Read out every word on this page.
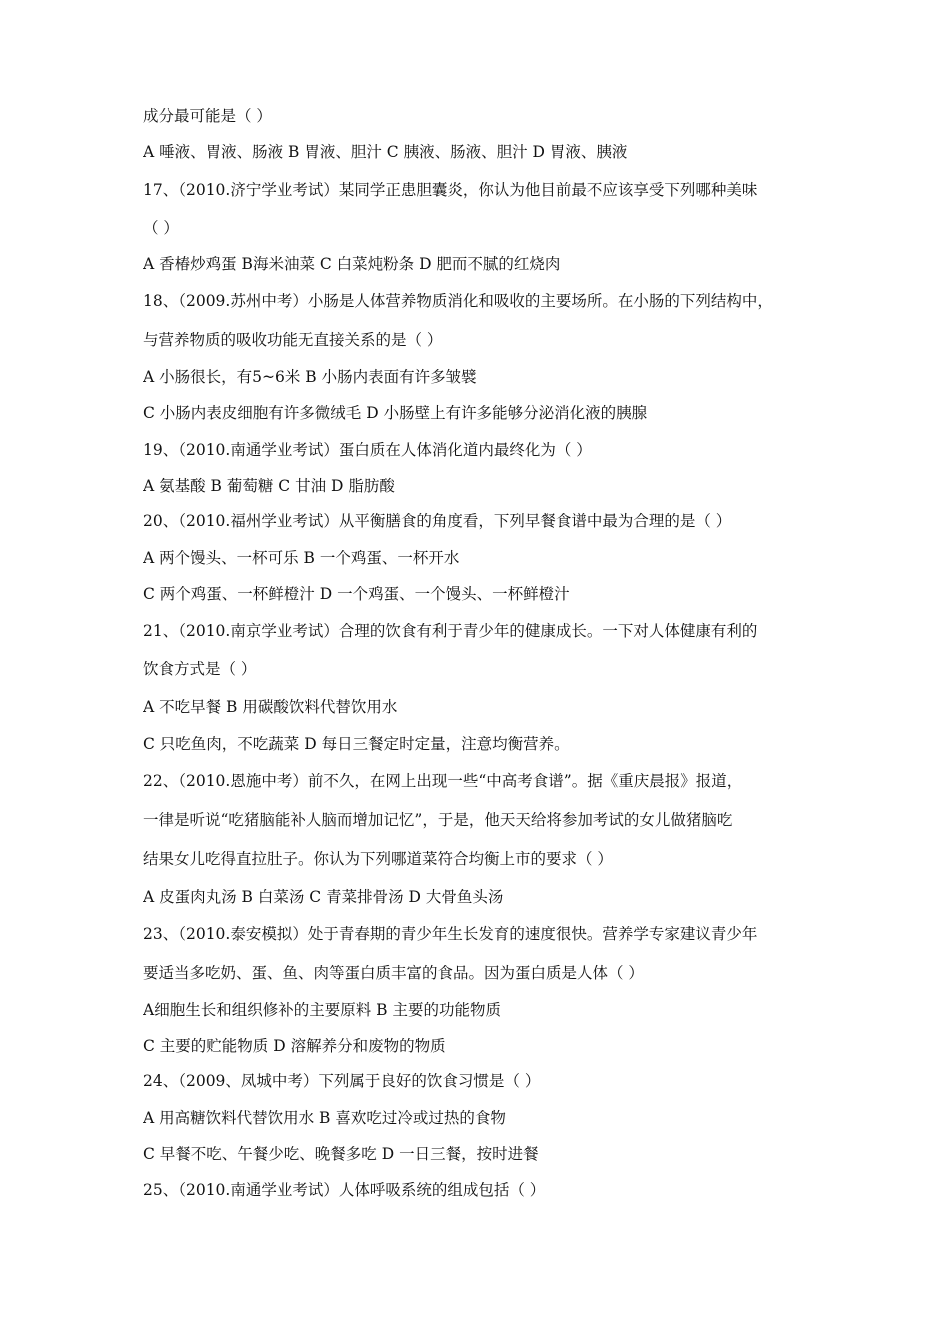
成分最可能是（ ）
A 唾液、胃液、肠液 B 胃液、胆汁 C 胰液、肠液、胆汁 D 胃液、胰液
17、（2010.济宁学业考试）某同学正患胆囊炎，你认为他目前最不应该享受下列哪种美味
（ ）
A 香椿炒鸡蛋 B海米油菜 C 白菜炖粉条 D 肥而不腻的红烧肉
18、（2009.苏州中考）小肠是人体营养物质消化和吸收的主要场所。在小肠的下列结构中，
与营养物质的吸收功能无直接关系的是（ ）
A 小肠很长，有5~6米 B 小肠内表面有许多皱襞
C 小肠内表皮细胞有许多微绒毛 D 小肠壁上有许多能够分泌消化液的胰腺
19、（2010.南通学业考试）蛋白质在人体消化道内最终化为（ ）
A 氨基酸 B 葡萄糖 C 甘油 D 脂肪酸
20、（2010.福州学业考试）从平衡膳食的角度看，下列早餐食谱中最为合理的是（ ）
A 两个馒头、一杯可乐 B 一个鸡蛋、一杯开水
C 两个鸡蛋、一杯鲜橙汁 D 一个鸡蛋、一个馒头、一杯鲜橙汁
21、（2010.南京学业考试）合理的饮食有利于青少年的健康成长。一下对人体健康有利的
饮食方式是（ ）
A 不吃早餐 B 用碳酸饮料代替饮用水
C 只吃鱼肉，不吃蔬菜 D 每日三餐定时定量，注意均衡营养。
22、（2010.恩施中考）前不久，在网上出现一些“中高考食谱”。据《重庆晨报》报道，
一律是听说“吃猪脑能补人脑而增加记忆”，于是，他天天给将参加考试的女儿做猪脑吃
结果女儿吃得直拉肚子。你认为下列哪道菜符合均衡上市的要求（ ）
A 皮蛋肉丸汤 B 白菜汤 C 青菜排骨汤 D 大骨鱼头汤
23、（2010.泰安模拟）处于青春期的青少年生长发育的速度很快。营养学专家建议青少年
要适当多吃奶、蛋、鱼、肉等蛋白质丰富的食品。因为蛋白质是人体（ ）
A细胞生长和组织修补的主要原料 B 主要的功能物质
C 主要的贮能物质 D 溶解养分和废物的物质
24、（2009、凤城中考）下列属于良好的饮食习惯是（ ）
A 用高糖饮料代替饮用水 B 喜欢吃过冷或过热的食物
C 早餐不吃、午餐少吃、晚餐多吃 D 一日三餐，按时进餐
25、（2010.南通学业考试）人体呼吸系统的组成包括（ ）
